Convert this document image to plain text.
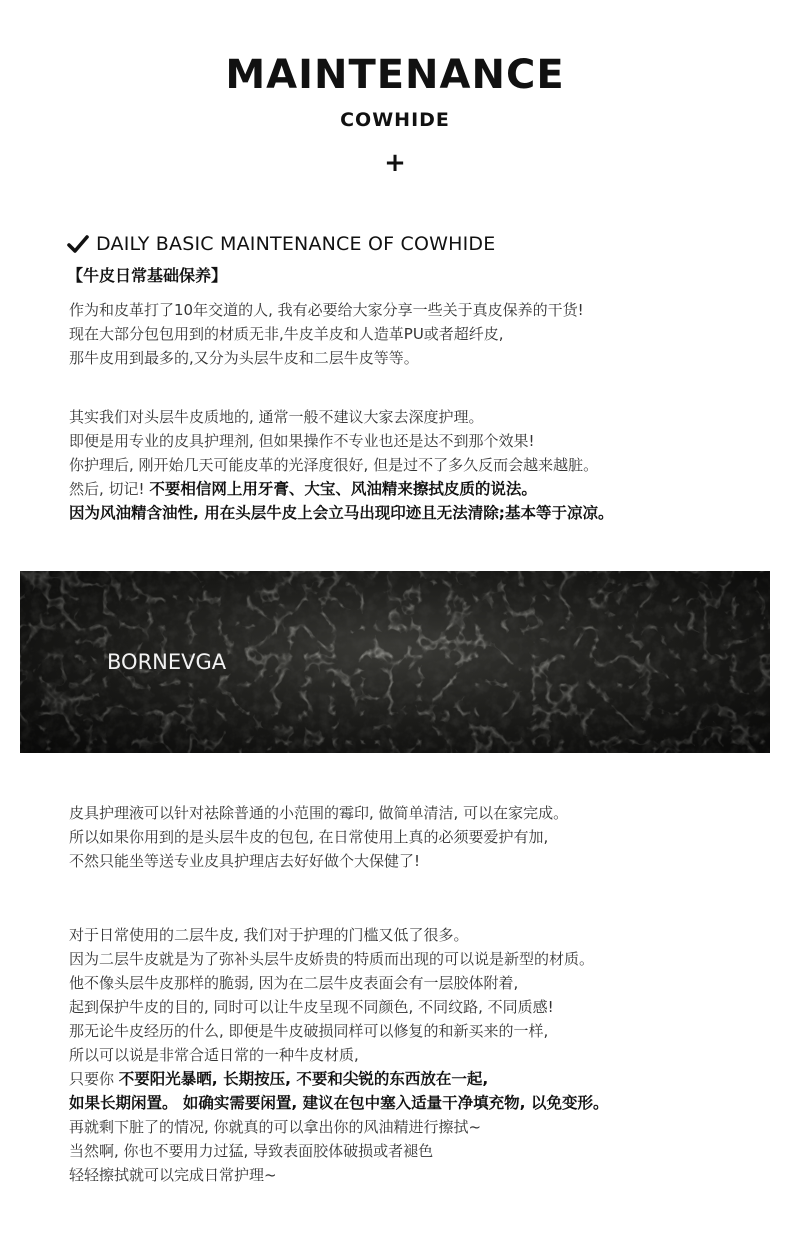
MAINTENANCE
COWHIDE
+
DAILY BASIC MAINTENANCE OF COWHIDE
【牛皮日常基础保养】
作为和皮革打了10年交道的人, 我有必要给大家分享一些关于真皮保养的干货!
现在大部分包包用到的材质无非,牛皮羊皮和人造革PU或者超纤皮,
那牛皮用到最多的,又分为头层牛皮和二层牛皮等等。
其实我们对头层牛皮质地的, 通常一般不建议大家去深度护理。
即便是用专业的皮具护理剂, 但如果操作不专业也还是达不到那个效果!
你护理后, 刚开始几天可能皮革的光泽度很好, 但是过不了多久反而会越来越脏。
然后, 切记! 不要相信网上用牙膏、大宝、风油精来擦拭皮质的说法。
因为风油精含油性, 用在头层牛皮上会立马出现印迹且无法清除;基本等于凉凉。
BORNEVGA
皮具护理液可以针对祛除普通的小范围的霉印, 做简单清洁, 可以在家完成。
所以如果你用到的是头层牛皮的包包, 在日常使用上真的必须要爱护有加,
不然只能坐等送专业皮具护理店去好好做个大保健了!
对于日常使用的二层牛皮, 我们对于护理的门槛又低了很多。
因为二层牛皮就是为了弥补头层牛皮娇贵的特质而出现的可以说是新型的材质。
他不像头层牛皮那样的脆弱, 因为在二层牛皮表面会有一层胶体附着,
起到保护牛皮的目的, 同时可以让牛皮呈现不同颜色, 不同纹路, 不同质感!
那无论牛皮经历的什么, 即便是牛皮破损同样可以修复的和新买来的一样,
所以可以说是非常合适日常的一种牛皮材质,
只要你 不要阳光暴晒, 长期按压, 不要和尖锐的东西放在一起,
如果长期闲置。 如确实需要闲置, 建议在包中塞入适量干净填充物, 以免变形。
再就剩下脏了的情况, 你就真的可以拿出你的风油精进行擦拭~
当然啊, 你也不要用力过猛, 导致表面胶体破损或者褪色
轻轻擦拭就可以完成日常护理~
